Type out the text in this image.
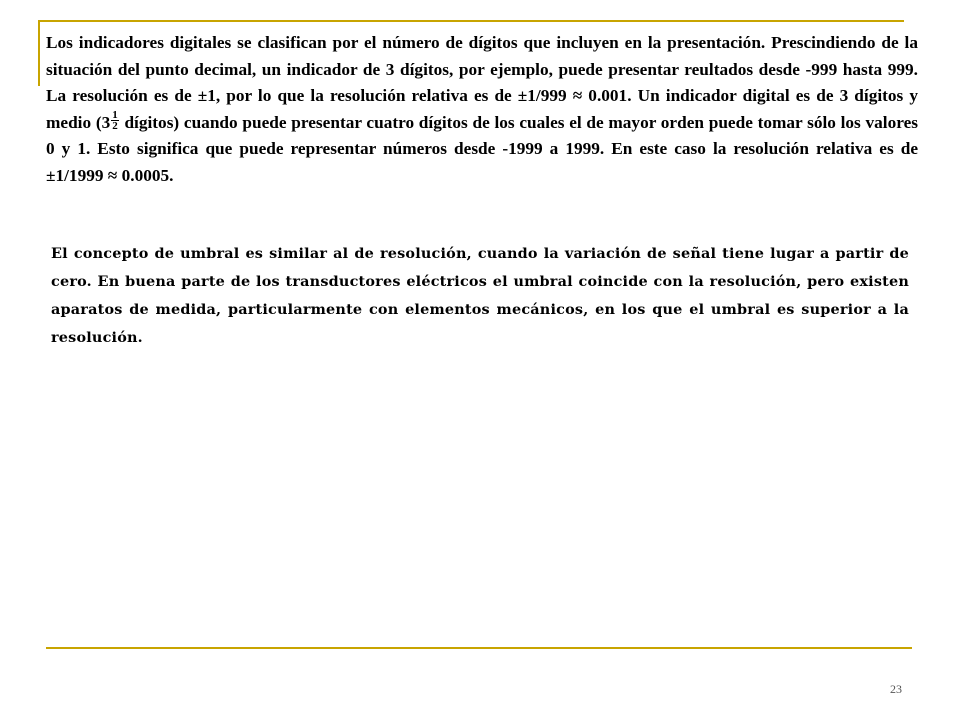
Los indicadores digitales se clasifican por el número de dígitos que incluyen en la presentación. Prescindiendo de la situación del punto decimal, un indicador de 3 dígitos, por ejemplo, puede presentar reultados desde -999 hasta 999. La resolución es de ±1, por lo que la resolución relativa es de ±1/999 ≈ 0.001. Un indicador digital es de 3 dígitos y medio ($3 \frac{1}{2}$ dígitos) cuando puede presentar cuatro dígitos de los cuales el de mayor orden puede tomar sólo los valores 0 y 1. Esto significa que puede representar números desde -1999 a 1999. En este caso la resolución relativa es de ±1/1999 ≈ 0.0005.

El concepto de umbral es similar al de resolución, cuando la variación de señal tiene lugar a partir de cero. En buena parte de los transductores eléctricos el umbral coincide con la resolución, pero existen aparatos de medida, particularmente con elementos mecánicos, en los que el umbral es superior a la resolución.

23
